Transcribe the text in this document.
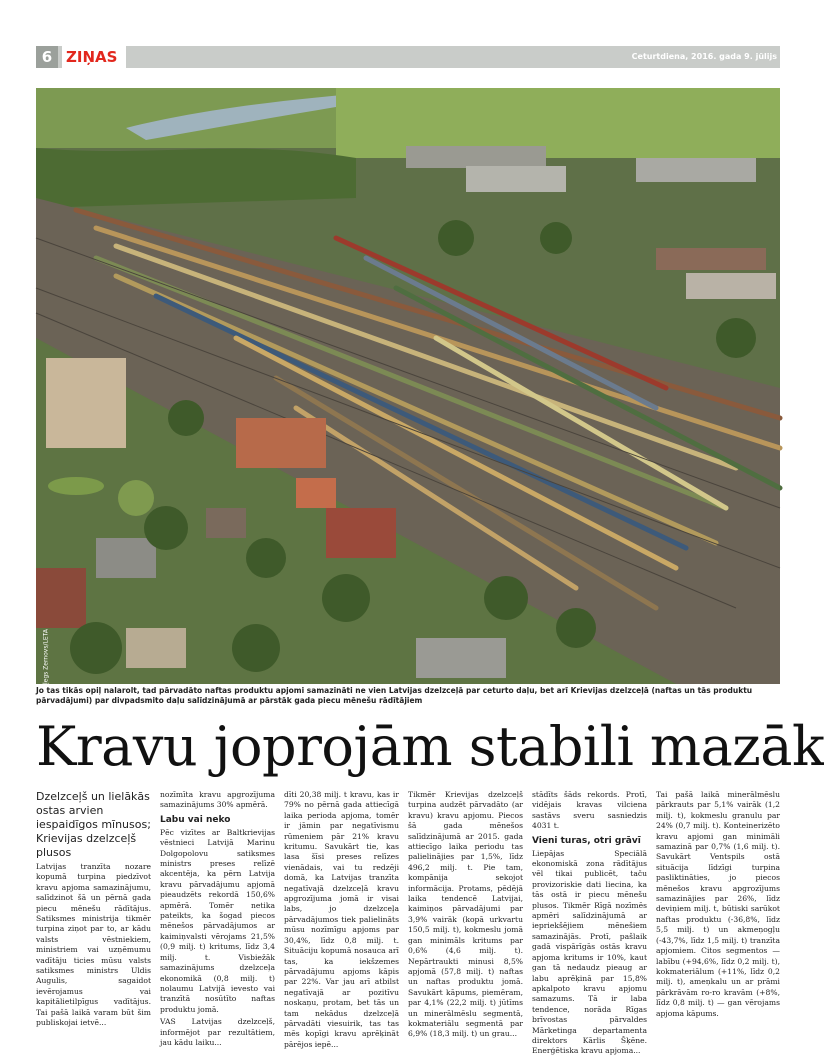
6 ZIŅAS	Ceturtdiena, 2016. gada 9. jūlijs
Foto — Oļegs Zernovs/LETA
Jo tas tikās opiļ nalarolt, tad pārvadāto naftas produktu apjomi samazināti ne vien Latvijas dzelzceļā par ceturto daļu, bet arī Krievijas dzelzceļā (naftas un tās produktu pārvadājumi) par divpadsmito daļu salīdzinājumā ar pārstāk gada piecu mēnešu rādītājiem
Kravu joprojām stabili mazāk

Dzelzceļš un lielākās ostas arvien iespaidīgos mīnusos; Krievijas dzelzceļš plusos

Latvijas tranzīta nozare kopumā turpina piedzīvot kravu apjoma samazinājumu, salīdzinot šā un pērnā gada piecu mēnešu rādītājus. Satiksmes ministrija tikmēr turpina ziņot par to, ar kādu valsts vēstniekiem, ministriem vai uzņēmumu vadītāju ticies mūsu valsts satiksmes ministrs Uldis Augulis, sagaidot ievērojamus vai kapitālietilpīgus vadītājus. Tai pašā laikā varam būt šim publiskojai ietvē...

nozīmīta kravu apgrozījuma samazinājums 30% apmērā.

Labu vai neko

Pēc vizītes ar Baltkrievijas vēstnieci Latvijā Marinu Dolgopolovu satiksmes ministrs preses relīzē akcentēja, ka pērn Latvija kravu pārvadājumu apjomā pieaudzēts rekordā 150,6% apmērā. Tomēr netika pateikts, ka šogad piecos mēnešos pārvadājumos ar kaimiņvalsti vērojams 21,5% (0,9 milj. t) kritums, līdz 3,4 milj. t. Visbiežāk samazinājums dzelzceļa ekonomikā (0,8 milj. t) nolaumu Latvijā ievesto vai tranzītā nosūtīto naftas produktu jomā.

VAS Latvijas dzelzceļš, informējot par rezultātiem, jau kādu laiku...

dīti 20,38 milj. t kravu, kas ir 79% no pērnā gada attiecīgā laika perioda apjoma, tomēr ir jāmin par negatīvismu rūmeniem pār 21% kravu kritumu. Savukārt tie, kas lasa šīsi preses relīzes vienādais, vai tu redzēji domā, ka Latvijas tranzīta negatīvajā dzelzceļā kravu apgrozījuma jomā ir visai labs, jo dzelzceļa pārvadājumos tiek palielināts mūsu nozīmīgu apjoms par 30,4%, līdz 0,8 milj. t. Situāciju kopumā nosauca arī tas, ka iekšzemes pārvadājumu apjoms kāpis par 22%. Var jau arī atbilst negatīvajā ar pozitīvu noskaņu, protam, bet tās un tam nekādus dzelzceļā pārvadāti viesuirik, tas tas mēs kopīgi kravu aprēķināt pārējos iepē...

Tikmēr Krievijas dzelzceļš turpina audzēt pārvadāto (ar kravu) kravu apjomu. Piecos šā gada mēnešos salīdzinājumā ar 2015. gada attiecīgo laika periodu tas palielinājies par 1,5%, līdz 496,2 milj. t. Pie tam, kompānija sekojot informācija. Protams, pēdējā laika tendencē Latvijai, kaimiņos pārvadājumi par 3,9% vairāk (kopā urkvartu 150,5 milj. t), kokmeslu jomā gan minimāls kritums par 0,6% (4,6 milj. t). Nepārtraukti minusi 8,5% apjomā (57,8 milj. t) naftas un naftas produktu jomā. Savukārt kāpums, piemēram, par 4,1% (22,2 milj. t) jūtīms un minerālmēslu segmentā, kokmateriālu segmentā par 6,9% (18,3 milj. t) un grau...

stādīts šāds rekords. Protī, vidējais kravas vilciena sastāvs sveru sasniedzis 4031 t.

Vieni turas, otri grāvī

Liepājas Speciālā ekonomiskā zona rādītājus vēl tikai publicēt, taču provizoriskie dati liecina, ka tās ostā ir piecu mēnešu plusos. Tikmēr Rīgā nozīmēs apmēri salīdzinājumā ar iepriekšējiem mēnešiem samazinājās. Protī, pašlaik gadā vispārīgās ostās kravu apjoma kritums ir 10%, kaut gan tā nedaudz pieaug ar labu aprēķinā par 15,8% apkalpoto kravu apjomu samazums. Tā ir laba tendence, norāda Rīgas brīvostas pārvaldes Mārketinga departamenta direktors Kārlis Šķēne. Enerģētiska kravu apjoma...

Tai pašā laikā minerālmēslu pārkrauts par 5,1% vairāk (1,2 milj. t), kokmeslu granulu par 24% (0,7 milj. t). Konteinerizēto kravu apjomi gan minimāli samazinā par 0,7% (1,6 milj. t). Savukārt Ventspils ostā situācija līdzīgi turpina pasliktināties, jo piecos mēnešos kravu apgrozījums samazinājies par 26%, līdz deviņiem milj. t, būtiski sarūkot naftas produktu (-36,8%, līdz 5,5 milj. t) un akmeņogļu (-43,7%, līdz 1,5 milj. t) tranzīta apjomiem. Citos segmentos — labību (+94,6%, līdz 0,2 milj. t), kokmateriālum (+11%, līdz 0,2 milj. t), ameņkalu un ar prāmi pārkrāvām ro-ro kravām (+8%, līdz 0,8 milj. t) — gan vērojams apjoma kāpums.
